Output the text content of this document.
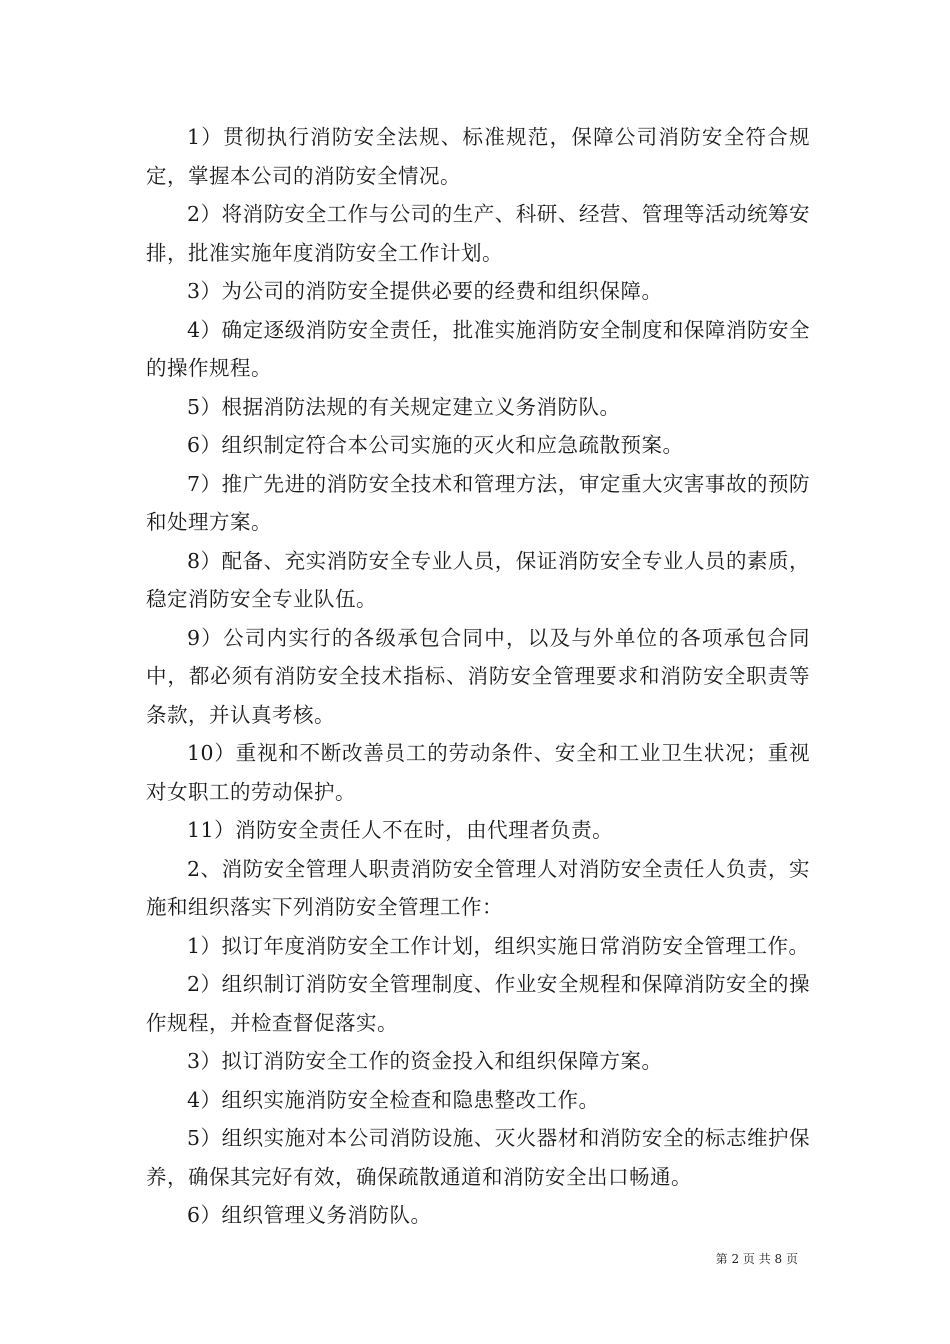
1）贯彻执行消防安全法规、标准规范，保障公司消防安全符合规定，掌握本公司的消防安全情况。

2）将消防安全工作与公司的生产、科研、经营、管理等活动统筹安排，批准实施年度消防安全工作计划。

3）为公司的消防安全提供必要的经费和组织保障。

4）确定逐级消防安全责任，批准实施消防安全制度和保障消防安全的操作规程。

5）根据消防法规的有关规定建立义务消防队。

6）组织制定符合本公司实施的灭火和应急疏散预案。

7）推广先进的消防安全技术和管理方法，审定重大灾害事故的预防和处理方案。

8）配备、充实消防安全专业人员，保证消防安全专业人员的素质，稳定消防安全专业队伍。

9）公司内实行的各级承包合同中，以及与外单位的各项承包合同中，都必须有消防安全技术指标、消防安全管理要求和消防安全职责等条款，并认真考核。

10）重视和不断改善员工的劳动条件、安全和工业卫生状况；重视对女职工的劳动保护。

11）消防安全责任人不在时，由代理者负责。

2、消防安全管理人职责消防安全管理人对消防安全责任人负责，实施和组织落实下列消防安全管理工作：

1）拟订年度消防安全工作计划，组织实施日常消防安全管理工作。

2）组织制订消防安全管理制度、作业安全规程和保障消防安全的操作规程，并检查督促落实。

3）拟订消防安全工作的资金投入和组织保障方案。

4）组织实施消防安全检查和隐患整改工作。

5）组织实施对本公司消防设施、灭火器材和消防安全的标志维护保养，确保其完好有效，确保疏散通道和消防安全出口畅通。

6）组织管理义务消防队。

第 2 页 共 8 页
